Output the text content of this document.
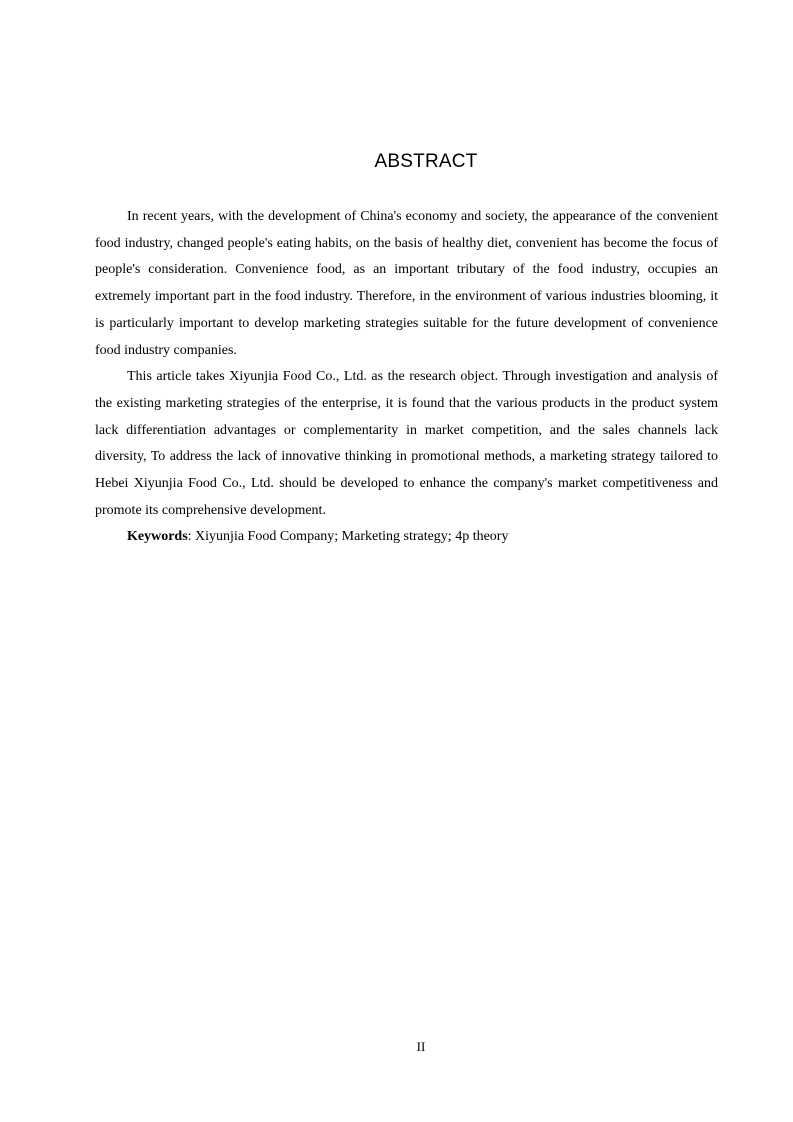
ABSTRACT

In recent years, with the development of China's economy and society, the appearance of the convenient food industry, changed people's eating habits, on the basis of healthy diet, convenient has become the focus of people's consideration. Convenience food, as an important tributary of the food industry, occupies an extremely important part in the food industry. Therefore, in the environment of various industries blooming, it is particularly important to develop marketing strategies suitable for the future development of convenience food industry companies.

This article takes Xiyunjia Food Co., Ltd. as the research object. Through investigation and analysis of the existing marketing strategies of the enterprise, it is found that the various products in the product system lack differentiation advantages or complementarity in market competition, and the sales channels lack diversity, To address the lack of innovative thinking in promotional methods, a marketing strategy tailored to Hebei Xiyunjia Food Co., Ltd. should be developed to enhance the company's market competitiveness and promote its comprehensive development.

Keywords: Xiyunjia Food Company; Marketing strategy; 4p theory

II
